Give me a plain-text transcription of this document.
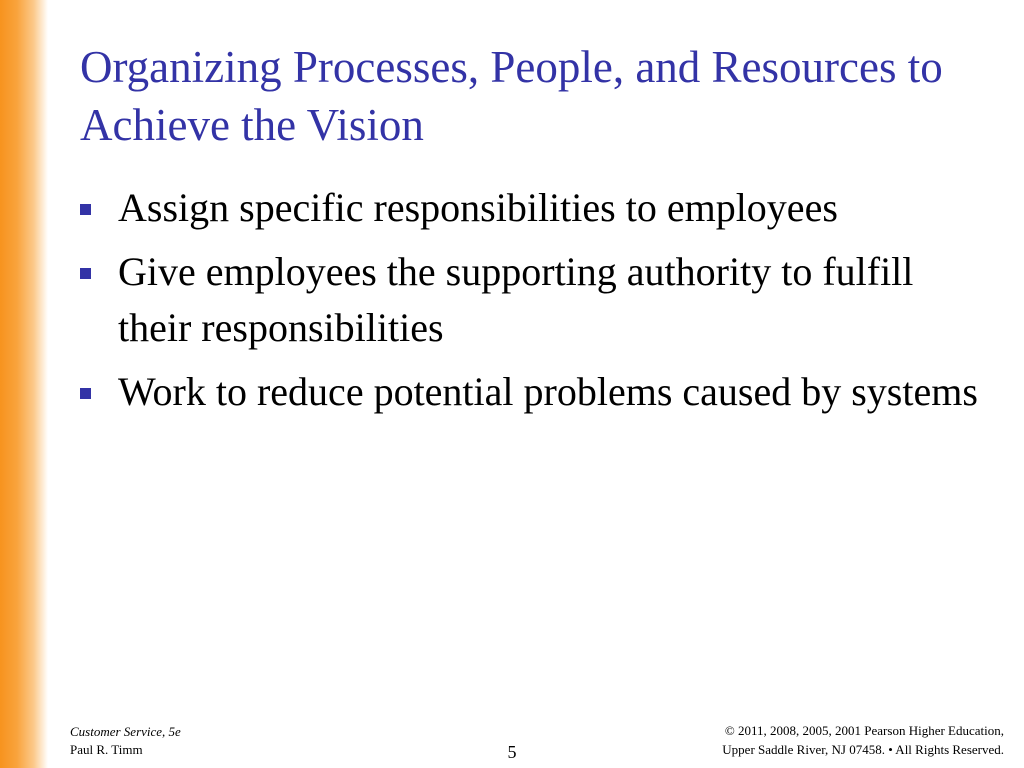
Organizing Processes, People, and Resources to Achieve the Vision
Assign specific responsibilities to employees
Give employees the supporting authority to fulfill their responsibilities
Work to reduce potential problems caused by systems
Customer Service, 5e
Paul R. Timm	5
© 2011, 2008, 2005, 2001 Pearson Higher Education,
Upper Saddle River, NJ 07458. • All Rights Reserved.
